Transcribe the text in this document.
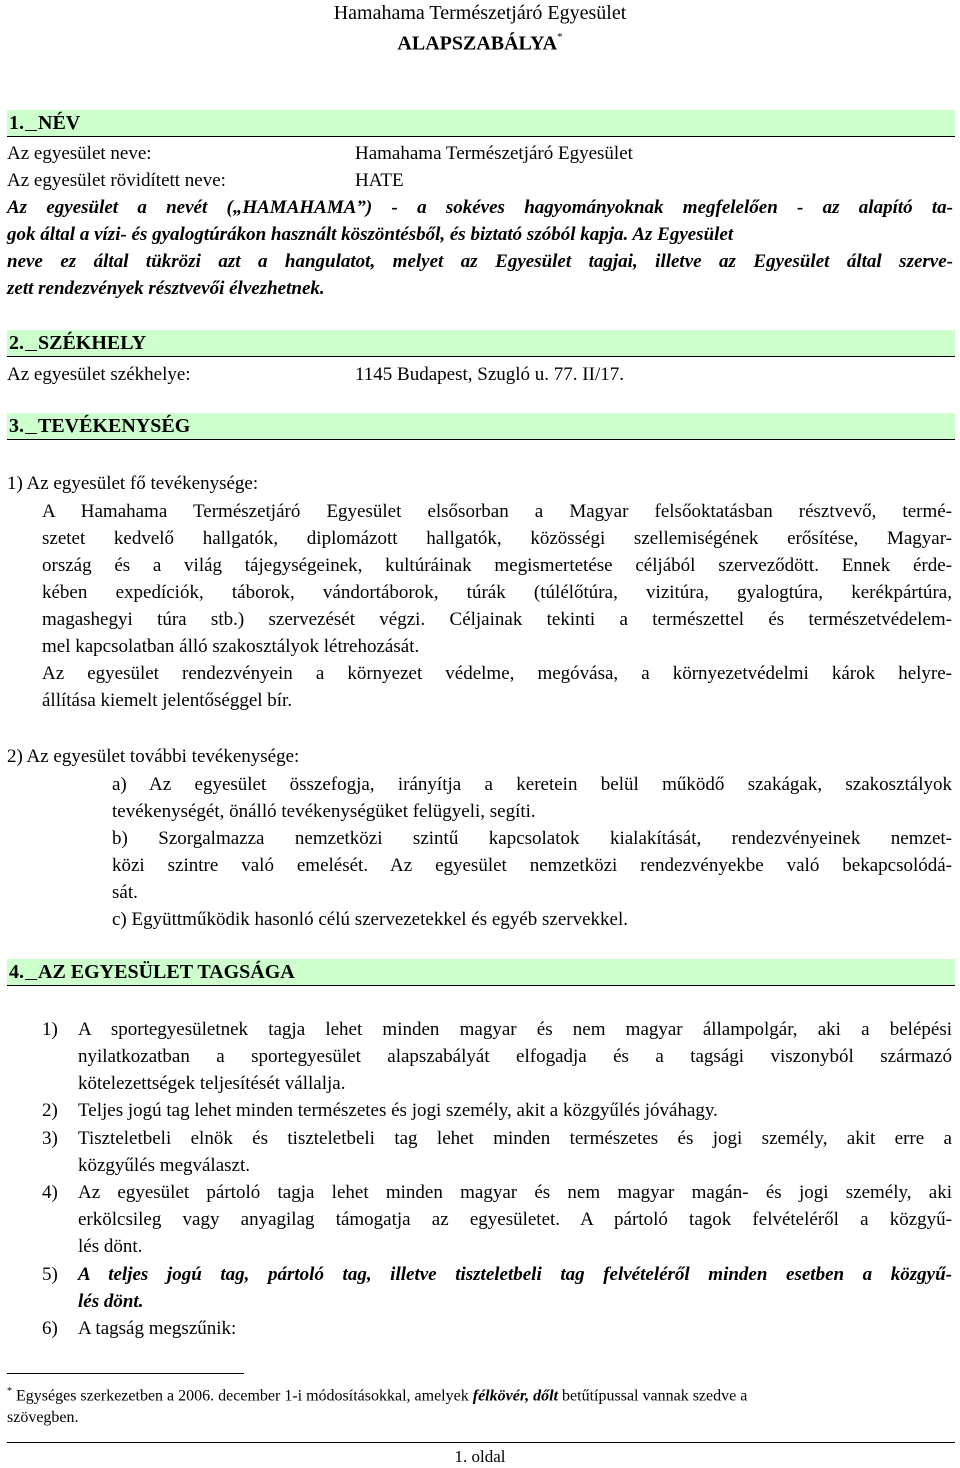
Hamahama Természetjáró Egyesület
ALAPSZABÁLYA*
1. NÉV
Az egyesület neve:	Hamahama Természetjáró Egyesület
Az egyesület rövidített neve:	HATE
Az egyesület a nevét („HAMAHAMA”) - a sokéves hagyományoknak megfelelően - az alapító ta-
gok által a vízi- és gyalogtúrákon használt köszöntésből, és biztató szóból kapja. Az Egyesület
neve ez által tükrözi azt a hangulatot, melyet az Egyesület tagjai, illetve az Egyesület által szerve-
zett rendezvények résztvevői élvezhetnek.
2. SZÉKHELY
Az egyesület székhelye:	1145 Budapest, Szugló u. 77. II/17.
3. TEVÉKENYSÉG
1) Az egyesület fő tevékenysége:
A Hamahama Természetjáró Egyesület elsősorban a Magyar felsőoktatásban résztvevő, termé-
szetet kedvelő hallgatók, diplomázott hallgatók, közösségi szellemiségének erősítése, Magyar-
ország és a világ tájegységeinek, kultúráinak megismertetése céljából szerveződött. Ennek érde-
kében expedíciók, táborok, vándortáborok, túrák (túlélőtúra, vizitúra, gyalogtúra, kerékpártúra,
magashegyi túra stb.) szervezését végzi. Céljainak tekinti a természettel és természetvédelem-
mel kapcsolatban álló szakosztályok létrehozását.
Az egyesület rendezvényein a környezet védelme, megóvása, a környezetvédelmi károk helyre-
állítása kiemelt jelentőséggel bír.
2) Az egyesület további tevékenysége:
a) Az egyesület összefogja, irányítja a keretein belül működő szakágak, szakosztályok
tevékenységét, önálló tevékenységüket felügyeli, segíti.
b) Szorgalmazza nemzetközi szintű kapcsolatok kialakítását, rendezvényeinek nemzet-
közi szintre való emelését. Az egyesület nemzetközi rendezvényekbe való bekapcsolódá-
sát.
c) Együttműködik hasonló célú szervezetekkel és egyéb szervekkel.
4. AZ EGYESÜLET TAGSÁGA
1) A sportegyesületnek tagja lehet minden magyar és nem magyar állampolgár, aki a belépési
nyilatkozatban a sportegyesület alapszabályát elfogadja és a tagsági viszonyból származó
kötelezettségek teljesítését vállalja.
2) Teljes jogú tag lehet minden természetes és jogi személy, akit a közgyűlés jóváhagy.
3) Tiszteletbeli elnök és tiszteletbeli tag lehet minden természetes és jogi személy, akit erre a
közgyűlés megválaszt.
4) Az egyesület pártoló tagja lehet minden magyar és nem magyar magán- és jogi személy, aki
erkölcsileg vagy anyagilag támogatja az egyesületet. A pártoló tagok felvételéről a közgyű-
lés dönt.
5) A teljes jogú tag, pártoló tag, illetve tiszteletbeli tag felvételéről minden esetben a közgyű-
lés dönt.
6) A tagság megszűnik:
* Egységes szerkezetben a 2006. december 1-i módosításokkal, amelyek félkövér, dőlt betűtípussal vannak szedve a
szövegben.
1. oldal
